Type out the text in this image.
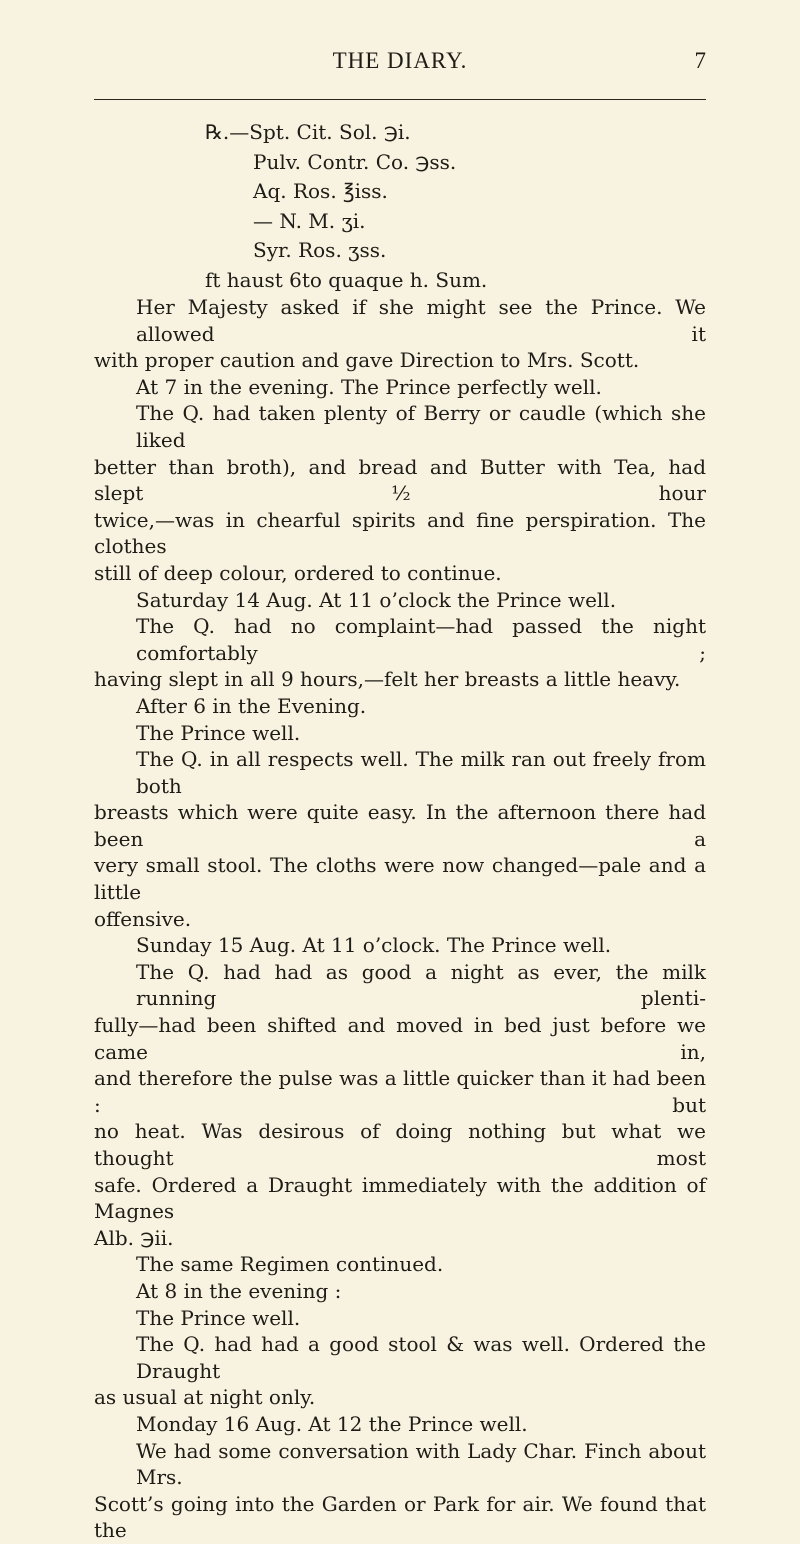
THE DIARY.	7
℞.—Spt. Cit. Sol. ℈i.
Pulv. Contr. Co. ℈ss.
Aq. Ros. ℥iss.
— N. M. ʒi.
Syr. Ros. ʒss.
ft haust 6to quaque h. Sum.
Her Majesty asked if she might see the Prince. We allowed it
with proper caution and gave Direction to Mrs. Scott.
At 7 in the evening. The Prince perfectly well.
The Q. had taken plenty of Berry or caudle (which she liked
better than broth), and bread and Butter with Tea, had slept ½ hour
twice,—was in chearful spirits and fine perspiration. The clothes
still of deep colour, ordered to continue.
Saturday 14 Aug. At 11 o’clock the Prince well.
The Q. had no complaint—had passed the night comfortably ;
having slept in all 9 hours,—felt her breasts a little heavy.
After 6 in the Evening.
The Prince well.
The Q. in all respects well. The milk ran out freely from both
breasts which were quite easy. In the afternoon there had been a
very small stool. The cloths were now changed—pale and a little
offensive.
Sunday 15 Aug. At 11 o’clock. The Prince well.
The Q. had had as good a night as ever, the milk running plenti-
fully—had been shifted and moved in bed just before we came in,
and therefore the pulse was a little quicker than it had been : but
no heat. Was desirous of doing nothing but what we thought most
safe. Ordered a Draught immediately with the addition of Magnes
Alb. ℈ii.
The same Regimen continued.
At 8 in the evening :
The Prince well.
The Q. had had a good stool & was well. Ordered the Draught
as usual at night only.
Monday 16 Aug. At 12 the Prince well.
We had some conversation with Lady Char. Finch about Mrs.
Scott’s going into the Garden or Park for air. We found that the
